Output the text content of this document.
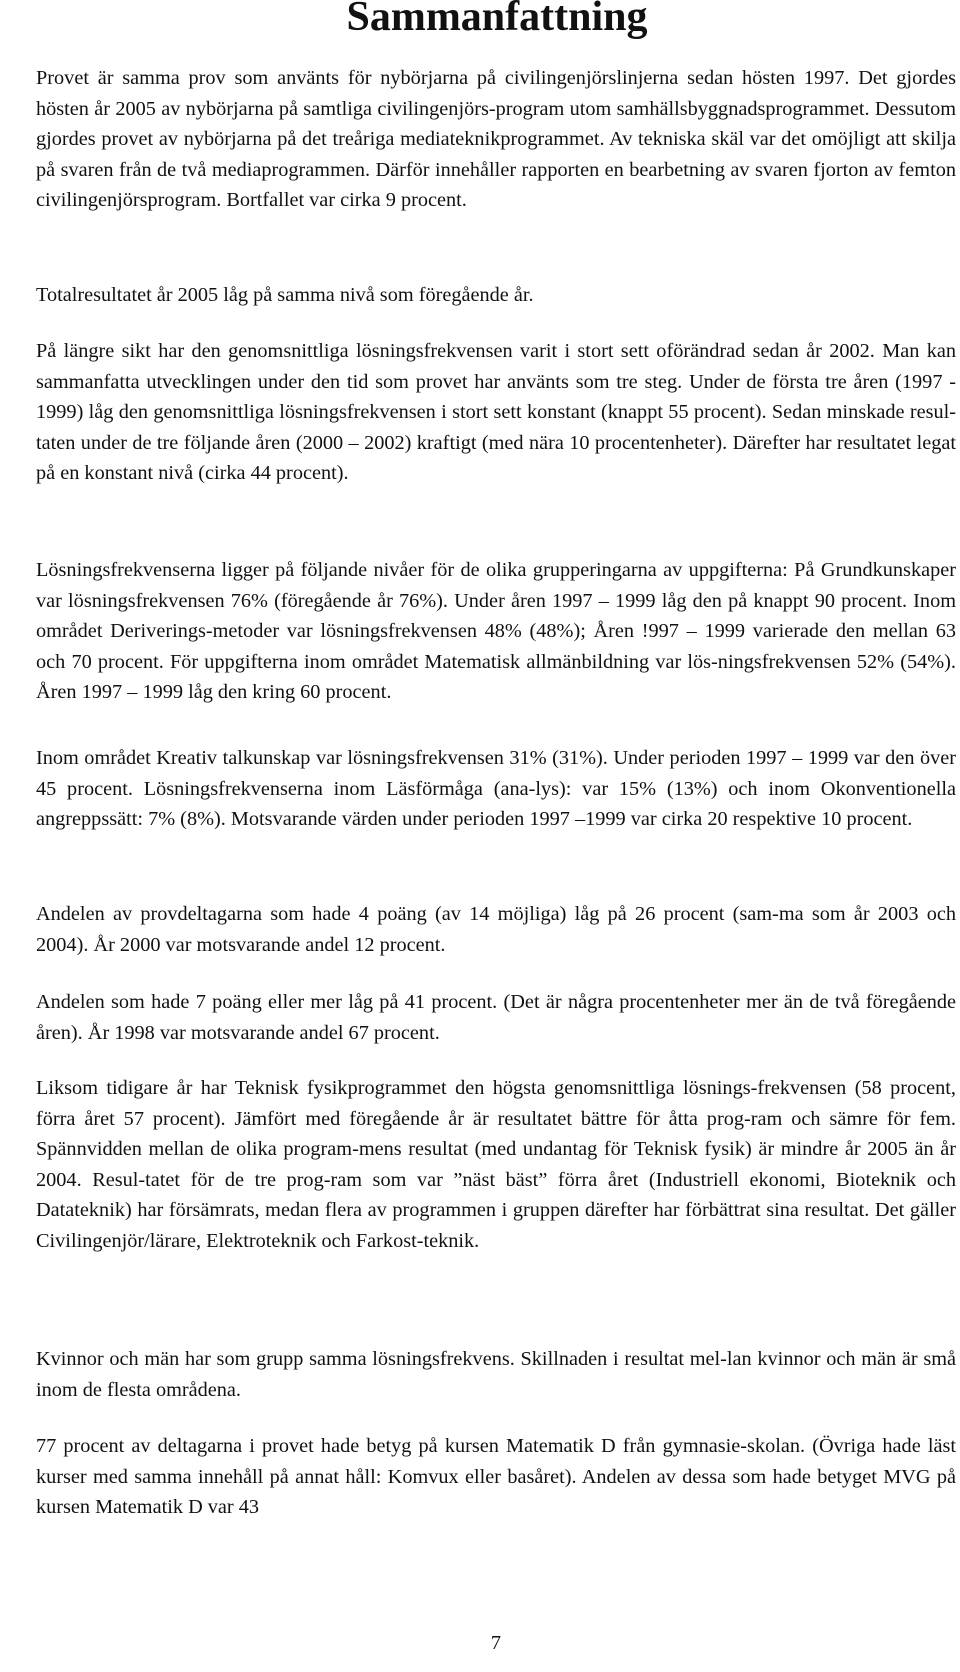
Sammanfattning

Provet är samma prov som använts för nybörjarna på civilingenjörslinjerna sedan hösten 1997. Det gjordes hösten år 2005 av nybörjarna på samtliga civilingenjörs-program utom samhällsbyggnadsprogrammet. Dessutom gjordes provet av nybörjarna på det treåriga mediateknikprogrammet. Av tekniska skäl var det omöjligt att skilja på svaren från de två mediaprogrammen. Därför innehåller rapporten en bearbetning av svaren fjorton av femton civilingenjörsprogram. Bortfallet var cirka 9 procent.

Totalresultatet år 2005 låg på samma nivå som föregående år.

På längre sikt har den genomsnittliga lösningsfrekvensen varit i stort sett oförändrad sedan år 2002. Man kan sammanfatta utvecklingen under den tid som provet har använts som tre steg. Under de första tre åren (1997 - 1999) låg den genomsnittliga lösningsfrekvensen i stort sett konstant (knappt 55 procent). Sedan minskade resul-taten under de tre följande åren (2000 – 2002) kraftigt (med nära 10 procentenheter). Därefter har resultatet legat på en konstant nivå (cirka 44 procent).

Lösningsfrekvenserna ligger på följande nivåer för de olika grupperingarna av uppgifterna: På Grundkunskaper var lösningsfrekvensen 76% (föregående år 76%). Under åren 1997 – 1999 låg den på knappt 90 procent. Inom området Deriverings-metoder var lösningsfrekvensen 48% (48%); Åren !997 – 1999 varierade den mellan 63 och 70 procent. För uppgifterna inom området Matematisk allmänbildning var lös-ningsfrekvensen 52% (54%). Åren 1997 – 1999 låg den kring 60 procent.

Inom området Kreativ talkunskap var lösningsfrekvensen 31% (31%). Under perioden 1997 – 1999 var den över 45 procent. Lösningsfrekvenserna inom Läsförmåga (ana-lys): var 15% (13%) och inom Okonventionella angreppssätt: 7% (8%). Motsvarande värden under perioden 1997 –1999 var cirka 20 respektive 10 procent.

Andelen av provdeltagarna som hade 4 poäng (av 14 möjliga) låg på 26 procent (sam-ma som år 2003 och 2004). År 2000 var motsvarande andel 12 procent.

Andelen som hade 7 poäng eller mer låg på 41 procent. (Det är några procentenheter mer än de två föregående åren). År 1998 var motsvarande andel 67 procent.

Liksom tidigare år har Teknisk fysikprogrammet den högsta genomsnittliga lösnings-frekvensen (58 procent, förra året 57 procent). Jämfört med föregående år är resultatet bättre för åtta prog-ram och sämre för fem. Spännvidden mellan de olika program-mens resultat (med undantag för Teknisk fysik) är mindre år 2005 än år 2004. Resul-tatet för de tre prog-ram som var ”näst bäst” förra året (Industriell ekonomi, Bioteknik och Datateknik) har försämrats, medan flera av programmen i gruppen därefter har förbättrat sina resultat. Det gäller Civilingenjör/lärare, Elektroteknik och Farkost-teknik.

Kvinnor och män har som grupp samma lösningsfrekvens. Skillnaden i resultat mel-lan kvinnor och män är små inom de flesta områdena.

77 procent av deltagarna i provet hade betyg på kursen Matematik D från gymnasie-skolan. (Övriga hade läst kurser med samma innehåll på annat håll: Komvux eller basåret). Andelen av dessa som hade betyget MVG på kursen Matematik D var 43

7
